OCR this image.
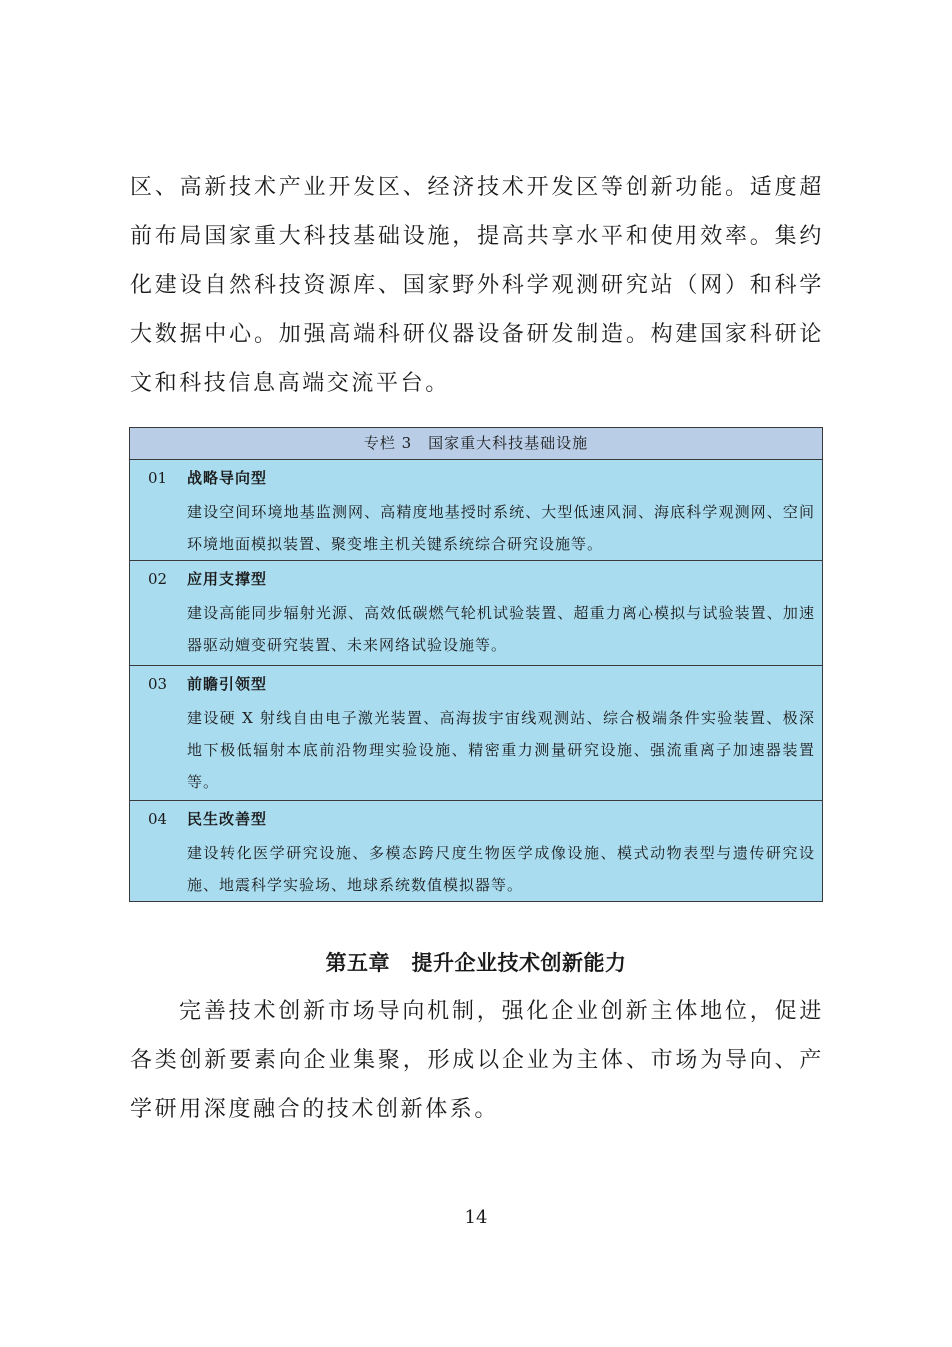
区、高新技术产业开发区、经济技术开发区等创新功能。适度超前布局国家重大科技基础设施，提高共享水平和使用效率。集约化建设自然科技资源库、国家野外科学观测研究站（网）和科学大数据中心。加强高端科研仪器设备研发制造。构建国家科研论文和科技信息高端交流平台。

专栏 3　国家重大科技基础设施
01 战略导向型

建设空间环境地基监测网、高精度地基授时系统、大型低速风洞、海底科学观测网、空间环境地面模拟装置、聚变堆主机关键系统综合研究设施等。

02 应用支撑型

建设高能同步辐射光源、高效低碳燃气轮机试验装置、超重力离心模拟与试验装置、加速器驱动嬗变研究装置、未来网络试验设施等。

03 前瞻引领型

建设硬 X 射线自由电子激光装置、高海拔宇宙线观测站、综合极端条件实验装置、极深地下极低辐射本底前沿物理实验设施、精密重力测量研究设施、强流重离子加速器装置等。

04 民生改善型

建设转化医学研究设施、多模态跨尺度生物医学成像设施、模式动物表型与遗传研究设施、地震科学实验场、地球系统数值模拟器等。

第五章　提升企业技术创新能力

完善技术创新市场导向机制，强化企业创新主体地位，促进各类创新要素向企业集聚，形成以企业为主体、市场为导向、产学研用深度融合的技术创新体系。

14
